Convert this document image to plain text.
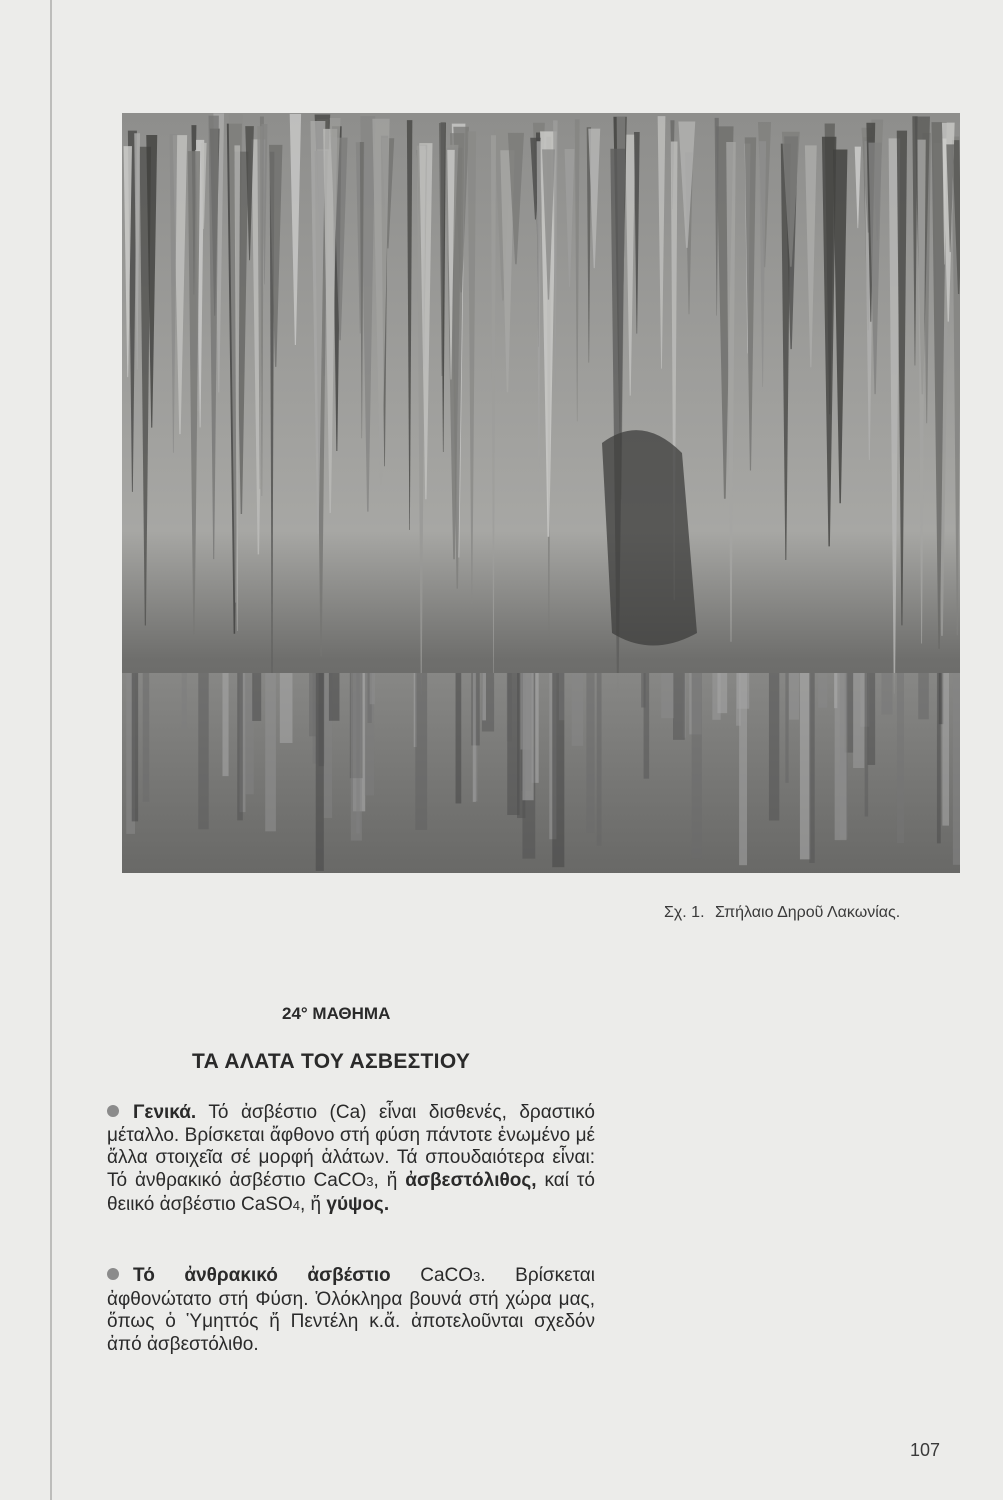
Σχ. 1. Σπήλαιο Δηροῦ Λακωνίας.
24° ΜΑΘΗΜΑ
ΤΑ ΑΛΑΤΑ ΤΟΥ ΑΣΒΕΣΤΙΟΥ
Γενικά. Τό ἀσβέστιο (Ca) εἶναι δισθενές, δραστικό μέταλλο. Βρίσκεται ἄφθονο στή φύση πάντοτε ἑνωμένο μέ ἄλλα στοιχεῖα σέ μορφή ἁλάτων. Τά σπουδαιότερα εἶναι: Τό ἀνθρακικό ἀσβέστιο CaCO3, ἤ ἀσβεστόλιθος, καί τό θειικό ἀσβέστιο CaSO4, ἤ γύψος.
Τό ἀνθρακικό ἀσβέστιο CaCO3. Βρίσκεται ἀφθονώτατο στή Φύση. Ὁλόκληρα βουνά στή χώρα μας, ὅπως ὁ Ὑμηττός ἤ Πεντέλη κ.ἄ. ἀποτελοῦνται σχεδόν ἀπό ἀσβεστόλιθο.
107
